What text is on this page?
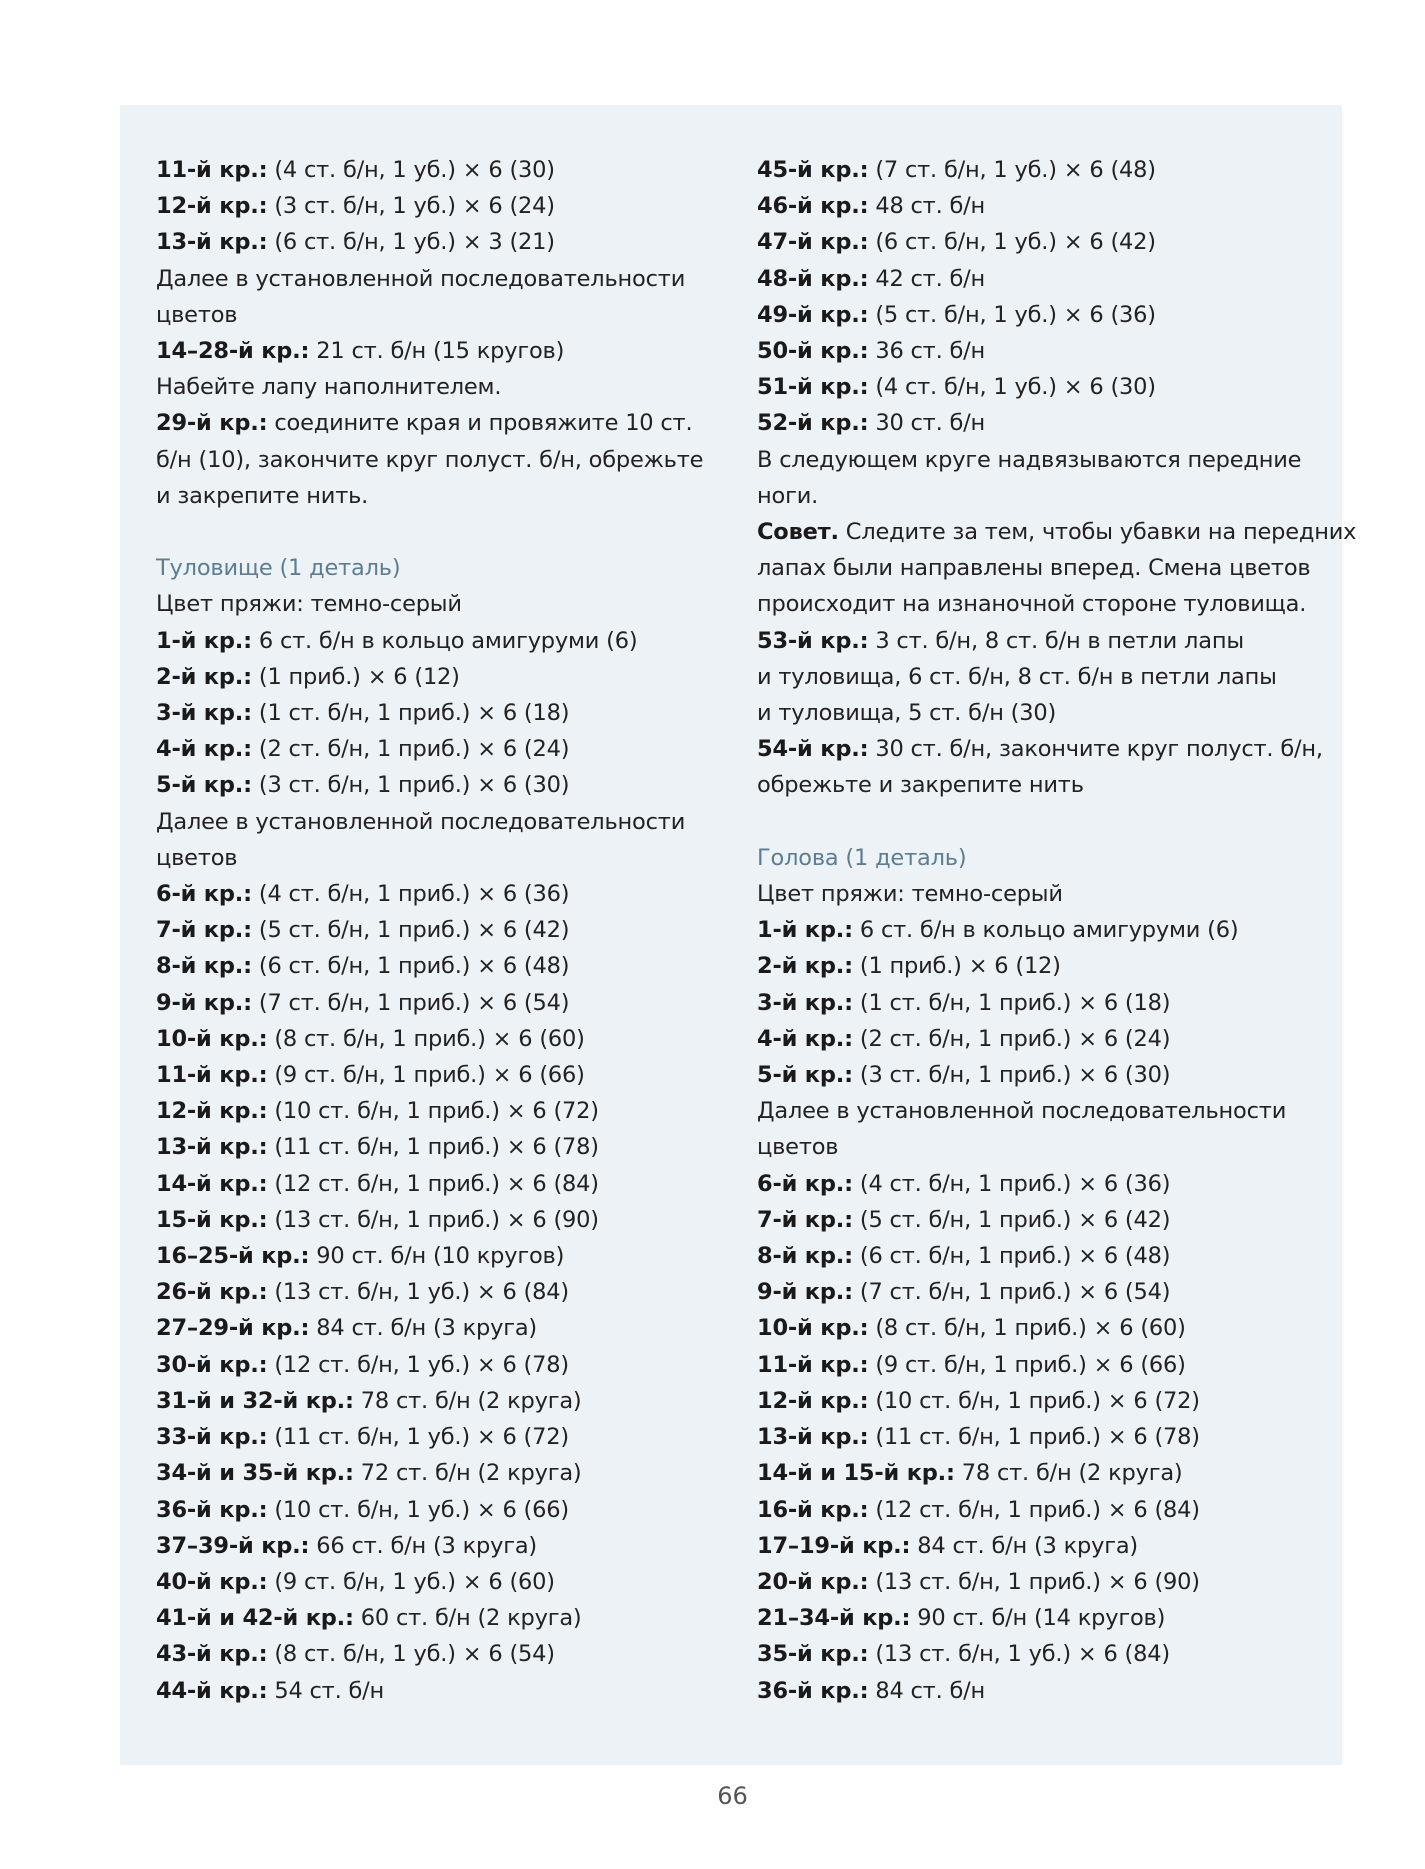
11-й кр.: (4 ст. б/н, 1 уб.) × 6 (30)
12-й кр.: (3 ст. б/н, 1 уб.) × 6 (24)
13-й кр.: (6 ст. б/н, 1 уб.) × 3 (21)
Далее в установленной последовательности
цветов
14–28-й кр.: 21 ст. б/н (15 кругов)
Набейте лапу наполнителем.
29-й кр.: соедините края и провяжите 10 ст.
б/н (10), закончите круг полуст. б/н, обрежьте
и закрепите нить.
Туловище (1 деталь)
Цвет пряжи: темно-серый
1-й кр.: 6 ст. б/н в кольцо амигуруми (6)
2-й кр.: (1 приб.) × 6 (12)
3-й кр.: (1 ст. б/н, 1 приб.) × 6 (18)
4-й кр.: (2 ст. б/н, 1 приб.) × 6 (24)
5-й кр.: (3 ст. б/н, 1 приб.) × 6 (30)
Далее в установленной последовательности
цветов
6-й кр.: (4 ст. б/н, 1 приб.) × 6 (36)
7-й кр.: (5 ст. б/н, 1 приб.) × 6 (42)
8-й кр.: (6 ст. б/н, 1 приб.) × 6 (48)
9-й кр.: (7 ст. б/н, 1 приб.) × 6 (54)
10-й кр.: (8 ст. б/н, 1 приб.) × 6 (60)
11-й кр.: (9 ст. б/н, 1 приб.) × 6 (66)
12-й кр.: (10 ст. б/н, 1 приб.) × 6 (72)
13-й кр.: (11 ст. б/н, 1 приб.) × 6 (78)
14-й кр.: (12 ст. б/н, 1 приб.) × 6 (84)
15-й кр.: (13 ст. б/н, 1 приб.) × 6 (90)
16–25-й кр.: 90 ст. б/н (10 кругов)
26-й кр.: (13 ст. б/н, 1 уб.) × 6 (84)
27–29-й кр.: 84 ст. б/н (3 круга)
30-й кр.: (12 ст. б/н, 1 уб.) × 6 (78)
31-й и 32-й кр.: 78 ст. б/н (2 круга)
33-й кр.: (11 ст. б/н, 1 уб.) × 6 (72)
34-й и 35-й кр.: 72 ст. б/н (2 круга)
36-й кр.: (10 ст. б/н, 1 уб.) × 6 (66)
37–39-й кр.: 66 ст. б/н (3 круга)
40-й кр.: (9 ст. б/н, 1 уб.) × 6 (60)
41-й и 42-й кр.: 60 ст. б/н (2 круга)
43-й кр.: (8 ст. б/н, 1 уб.) × 6 (54)
44-й кр.: 54 ст. б/н
45-й кр.: (7 ст. б/н, 1 уб.) × 6 (48)
46-й кр.: 48 ст. б/н
47-й кр.: (6 ст. б/н, 1 уб.) × 6 (42)
48-й кр.: 42 ст. б/н
49-й кр.: (5 ст. б/н, 1 уб.) × 6 (36)
50-й кр.: 36 ст. б/н
51-й кр.: (4 ст. б/н, 1 уб.) × 6 (30)
52-й кр.: 30 ст. б/н
В следующем круге надвязываются передние
ноги.
Совет. Следите за тем, чтобы убавки на передних
лапах были направлены вперед. Смена цветов
происходит на изнаночной стороне туловища.
53-й кр.: 3 ст. б/н, 8 ст. б/н в петли лапы
и туловища, 6 ст. б/н, 8 ст. б/н в петли лапы
и туловища, 5 ст. б/н (30)
54-й кр.: 30 ст. б/н, закончите круг полуст. б/н,
обрежьте и закрепите нить
Голова (1 деталь)
Цвет пряжи: темно-серый
1-й кр.: 6 ст. б/н в кольцо амигуруми (6)
2-й кр.: (1 приб.) × 6 (12)
3-й кр.: (1 ст. б/н, 1 приб.) × 6 (18)
4-й кр.: (2 ст. б/н, 1 приб.) × 6 (24)
5-й кр.: (3 ст. б/н, 1 приб.) × 6 (30)
Далее в установленной последовательности
цветов
6-й кр.: (4 ст. б/н, 1 приб.) × 6 (36)
7-й кр.: (5 ст. б/н, 1 приб.) × 6 (42)
8-й кр.: (6 ст. б/н, 1 приб.) × 6 (48)
9-й кр.: (7 ст. б/н, 1 приб.) × 6 (54)
10-й кр.: (8 ст. б/н, 1 приб.) × 6 (60)
11-й кр.: (9 ст. б/н, 1 приб.) × 6 (66)
12-й кр.: (10 ст. б/н, 1 приб.) × 6 (72)
13-й кр.: (11 ст. б/н, 1 приб.) × 6 (78)
14-й и 15-й кр.: 78 ст. б/н (2 круга)
16-й кр.: (12 ст. б/н, 1 приб.) × 6 (84)
17–19-й кр.: 84 ст. б/н (3 круга)
20-й кр.: (13 ст. б/н, 1 приб.) × 6 (90)
21–34-й кр.: 90 ст. б/н (14 кругов)
35-й кр.: (13 ст. б/н, 1 уб.) × 6 (84)
36-й кр.: 84 ст. б/н
66
